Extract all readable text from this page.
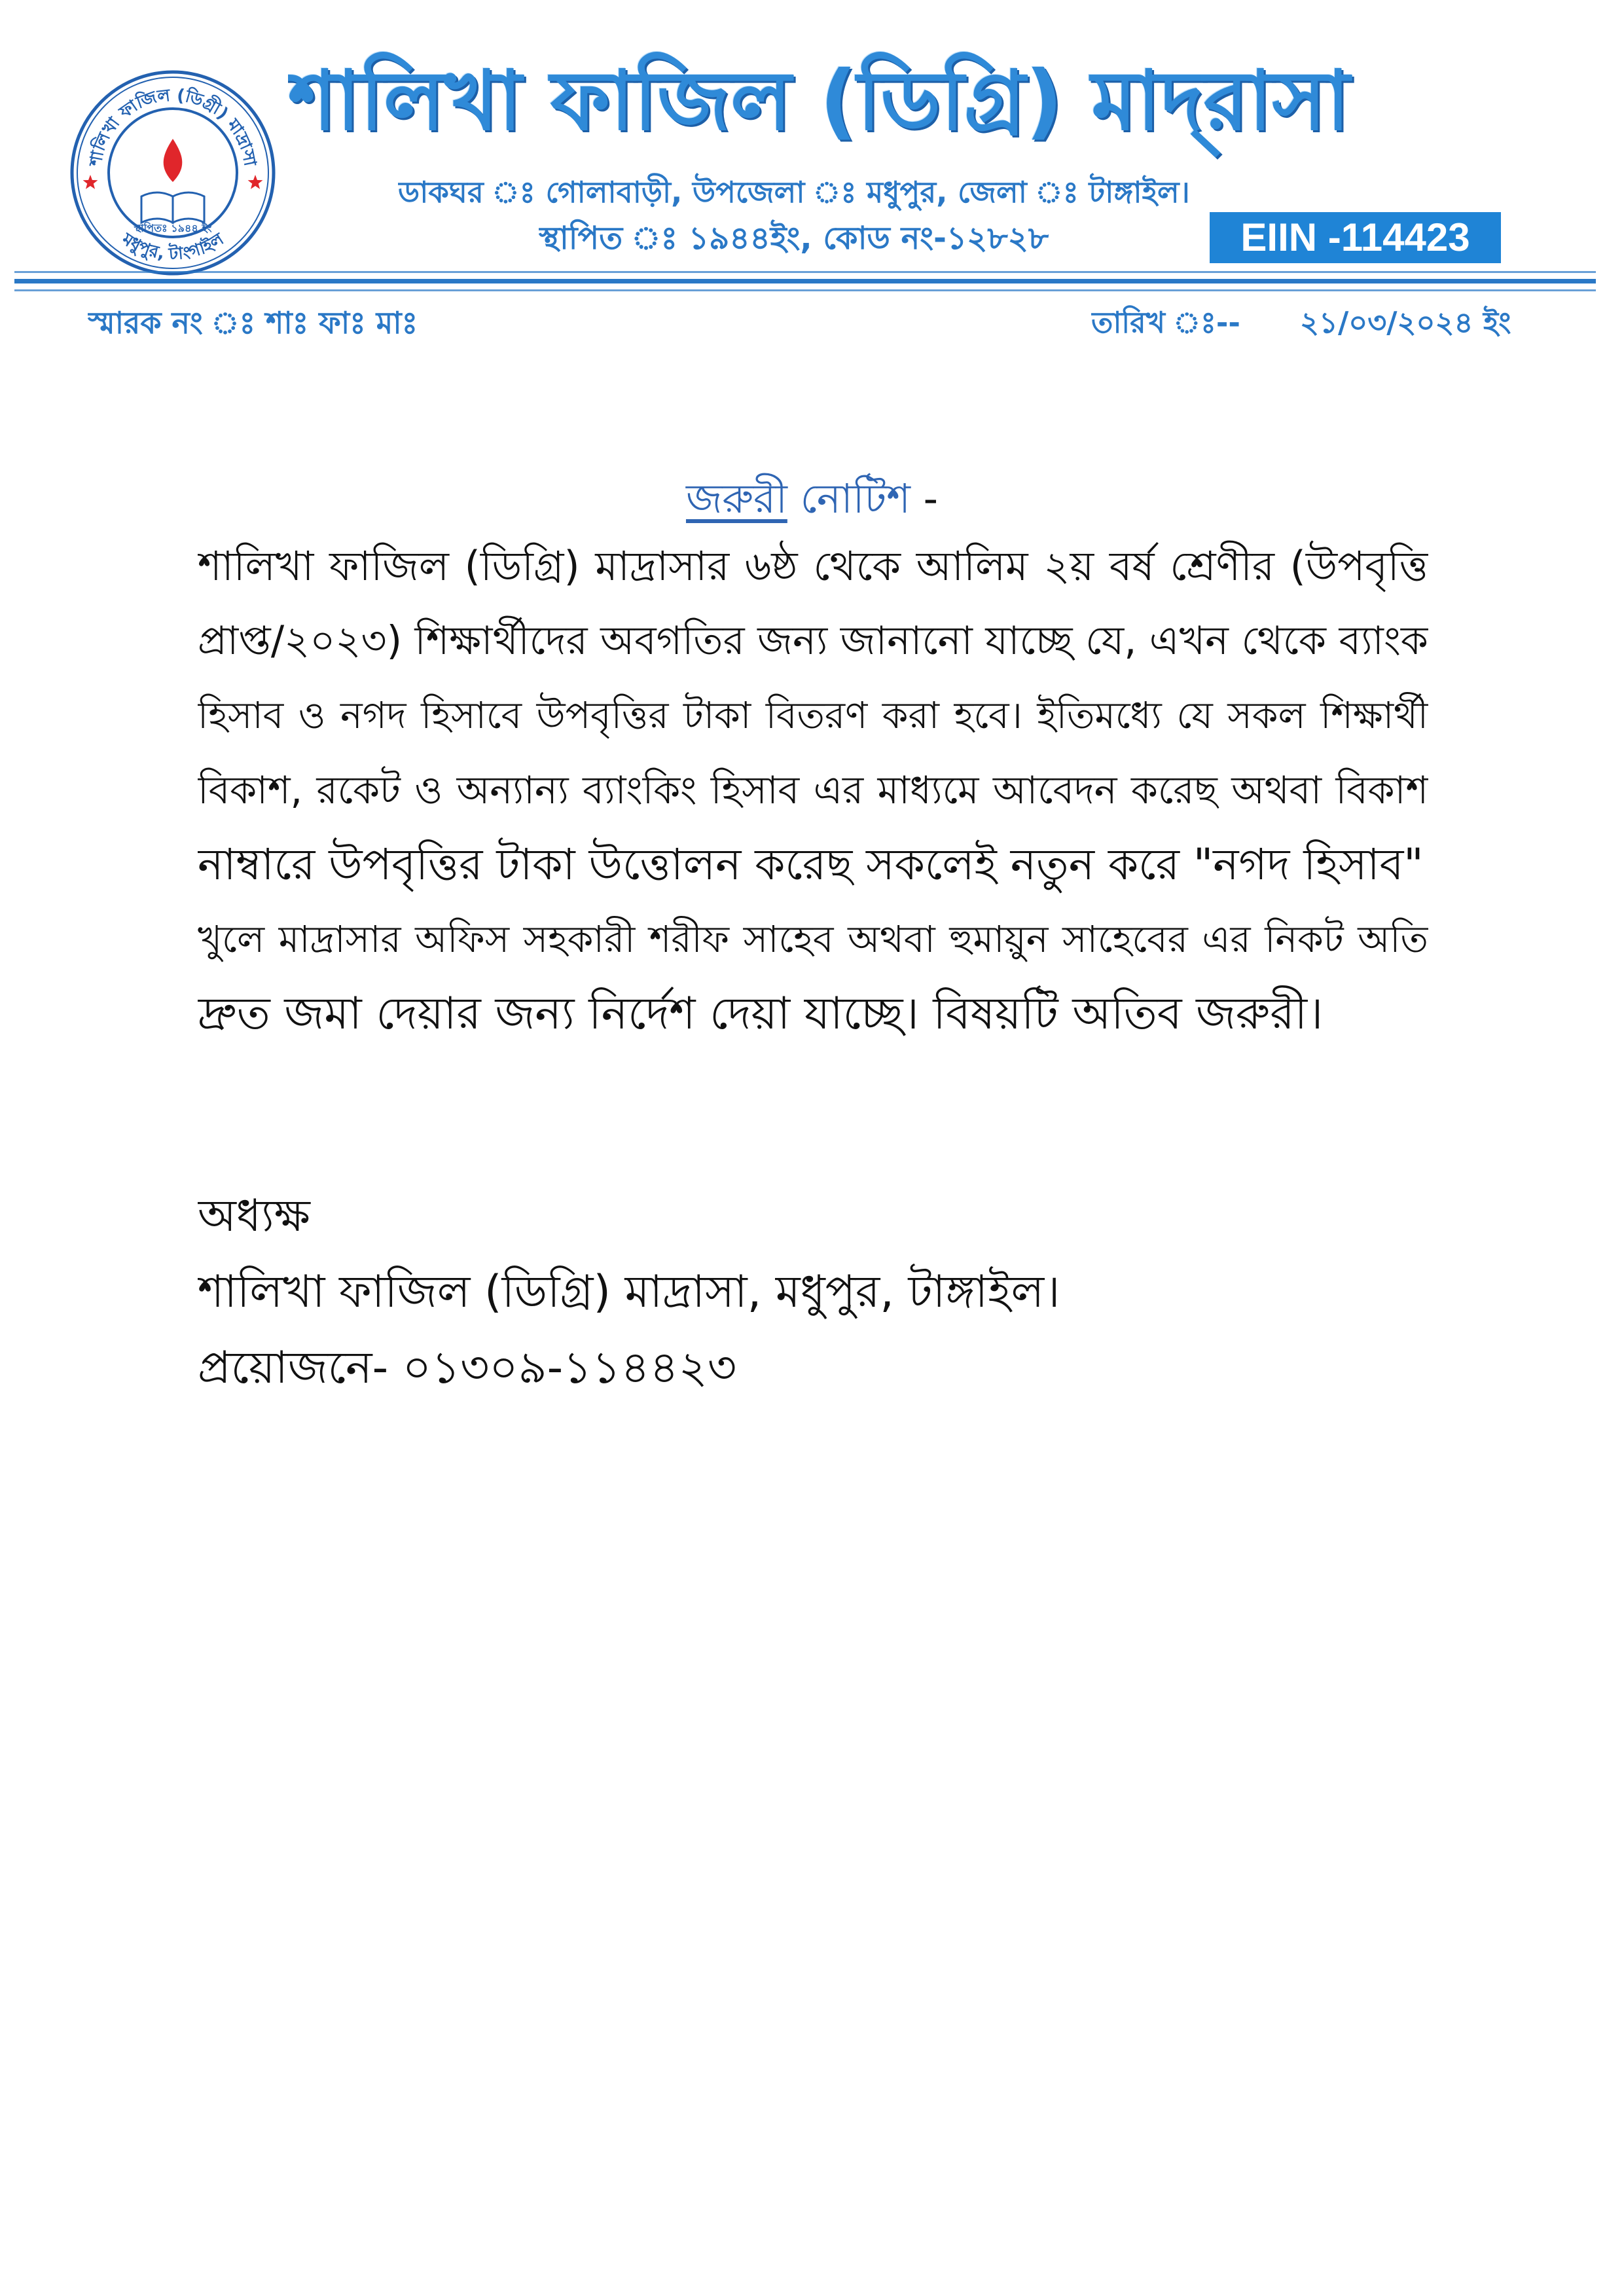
শালিখা ফাজিল (ডিগ্রী) মাদ্রাসা
মধুপুর, টাংগাইল
স্থাপিতঃ ১৯৪৪ ইং
শালিখা ফাজিল (ডিগ্রি) মাদ্‌রাসা
ডাকঘর ঃ গোলাবাড়ী, উপজেলা ঃ মধুপুর, জেলা ঃ টাঙ্গাইল।
স্থাপিত ঃ ১৯৪৪ইং, কোড নং-১২৮২৮	EIIN -114423
স্মারক নং ঃ শাঃ ফাঃ মাঃ	তারিখ ঃ-- ২১/০৩/২০২৪ ইং
জরুরী নোটিশ -
শালিখা ফাজিল (ডিগ্রি) মাদ্রাসার ৬ষ্ঠ থেকে আলিম ২য় বর্ষ শ্রেণীর (উপবৃত্তি
প্রাপ্ত/২০২৩) শিক্ষার্থীদের অবগতির জন্য জানানো যাচ্ছে যে, এখন থেকে ব্যাংক
হিসাব ও নগদ হিসাবে উপবৃত্তির টাকা বিতরণ করা হবে। ইতিমধ্যে যে সকল শিক্ষার্থী
বিকাশ, রকেট ও অন্যান্য ব্যাংকিং হিসাব এর মাধ্যমে আবেদন করেছ অথবা বিকাশ
নাম্বারে উপবৃত্তির টাকা উত্তোলন করেছ সকলেই নতুন করে "নগদ হিসাব"
খুলে মাদ্রাসার অফিস সহকারী শরীফ সাহেব অথবা হুমায়ুন সাহেবের এর নিকট অতি
দ্রুত জমা দেয়ার জন্য নির্দেশ দেয়া যাচ্ছে। বিষয়টি অতিব জরুরী।
অধ্যক্ষ
শালিখা ফাজিল (ডিগ্রি) মাদ্রাসা, মধুপুর, টাঙ্গাইল।
প্রয়োজনে- ০১৩০৯-১১৪৪২৩
